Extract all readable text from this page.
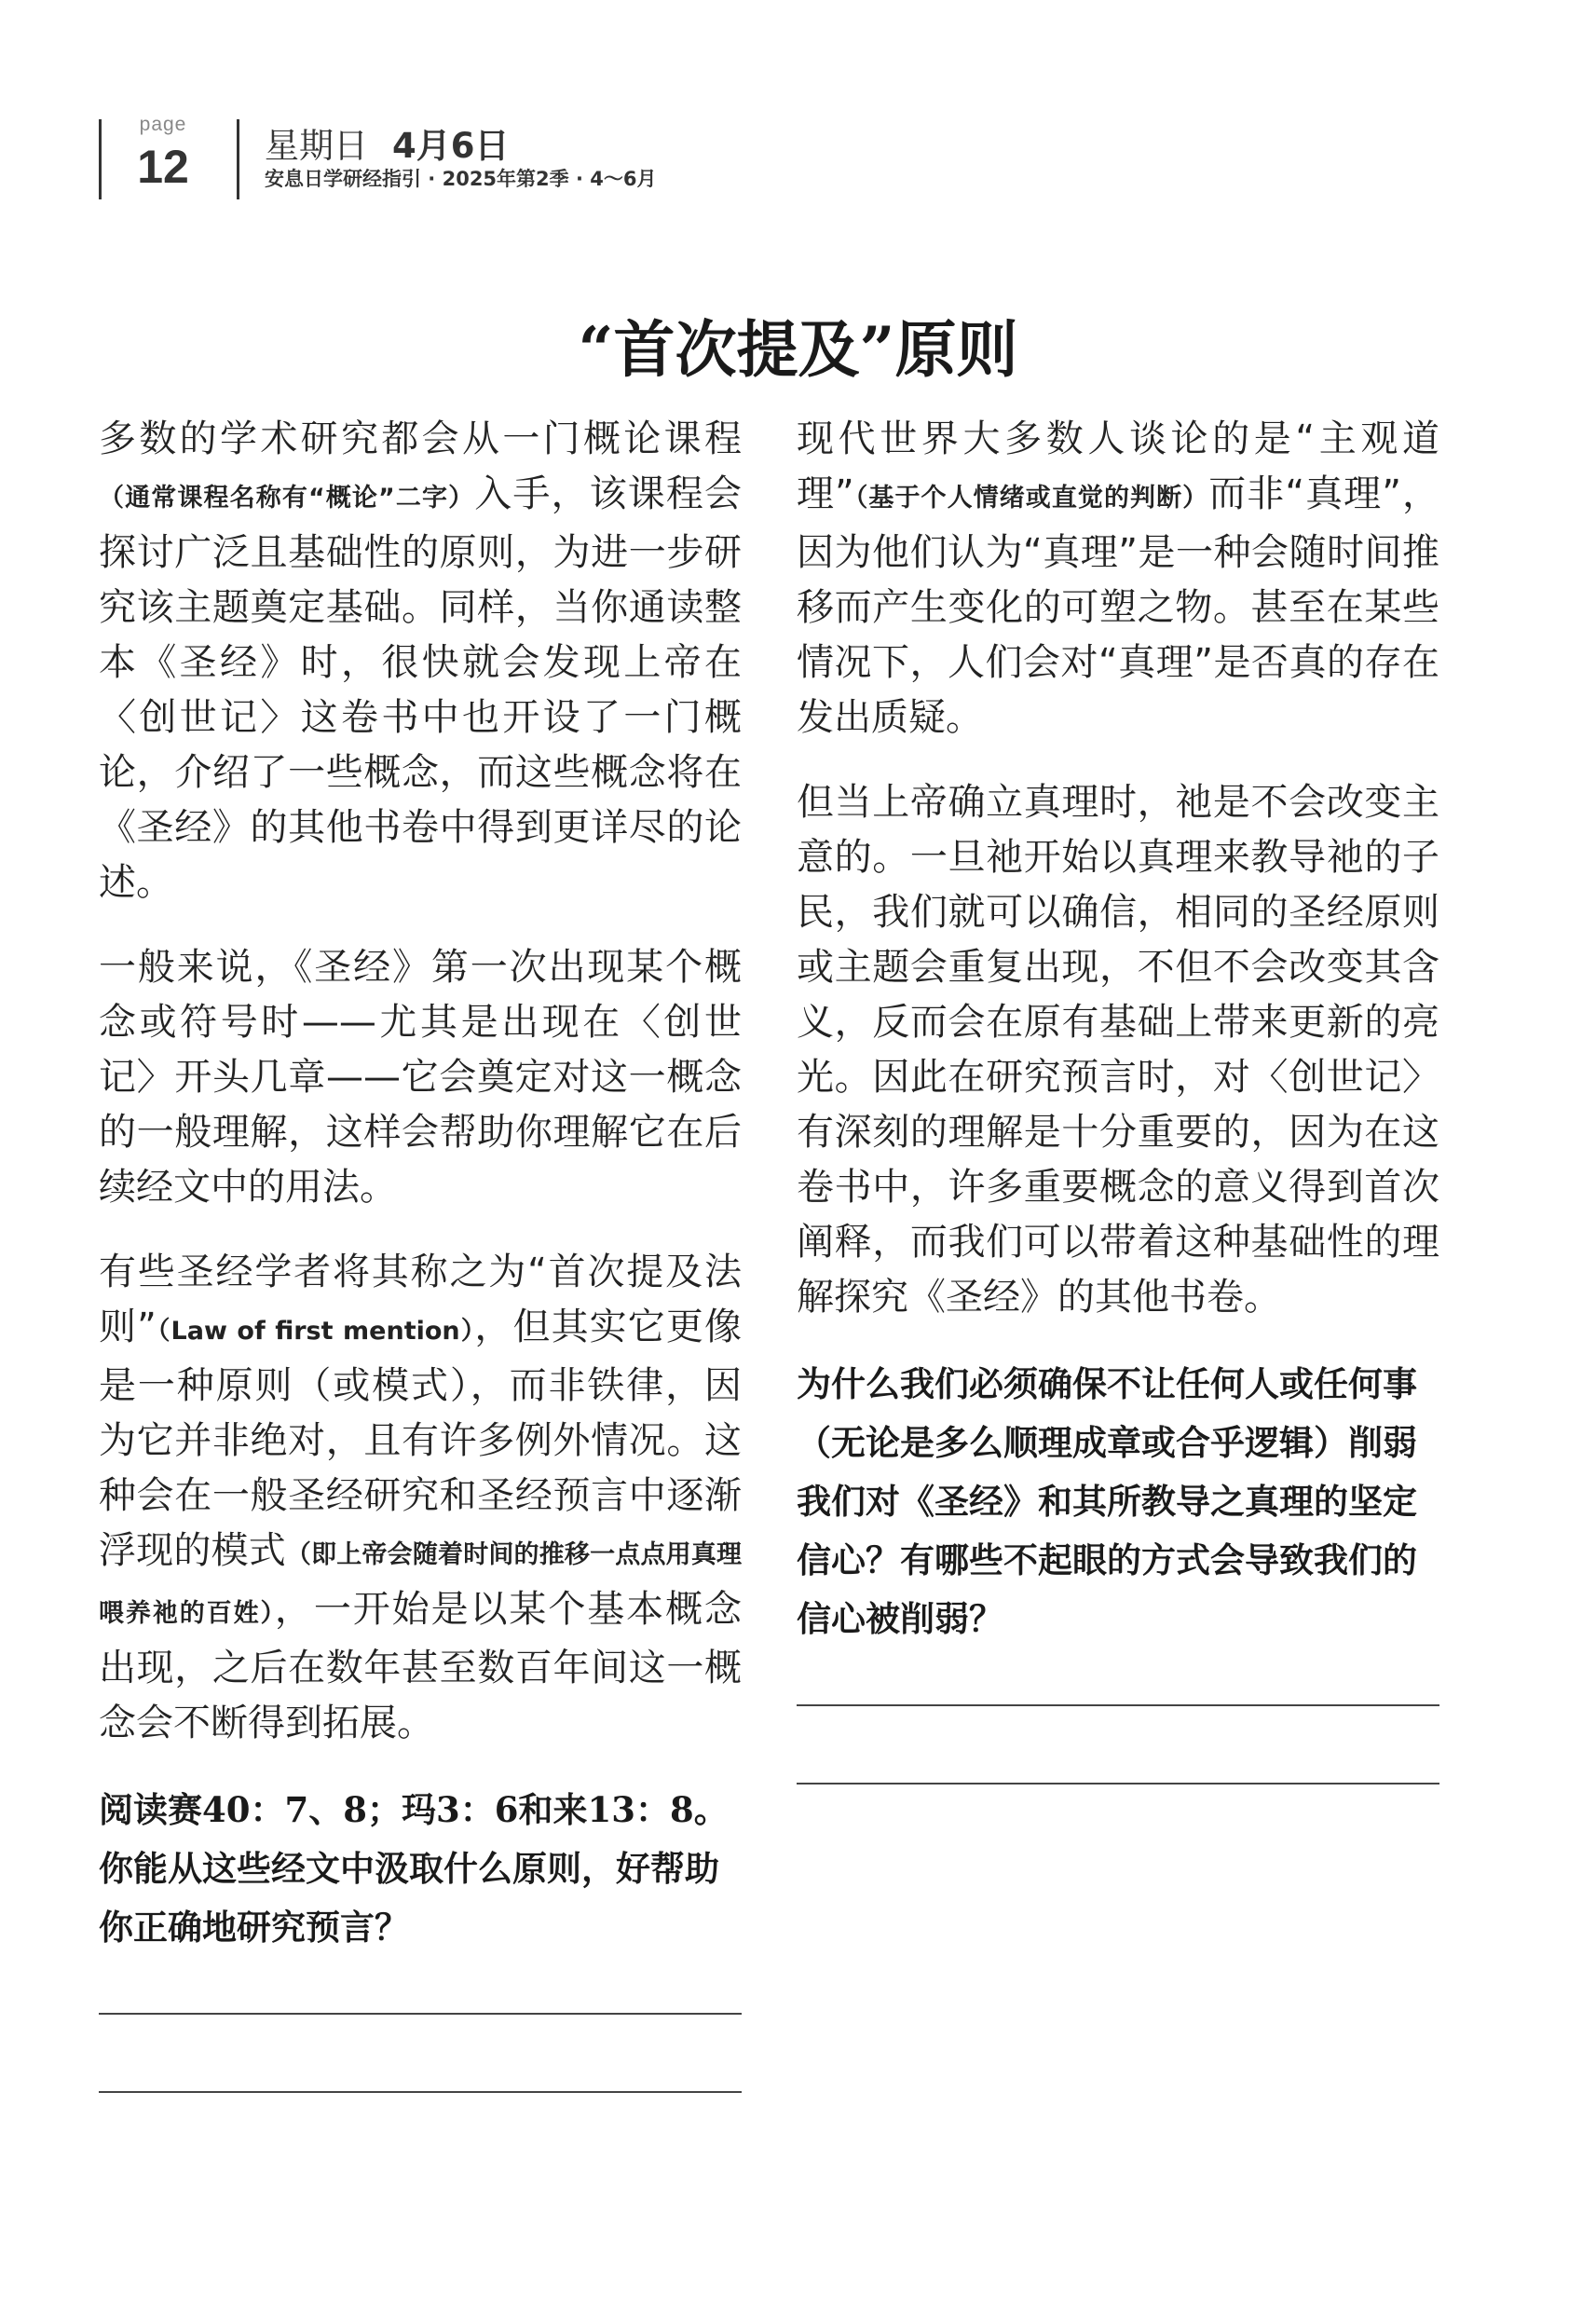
page
12	星期日 4月6日
安息日学研经指引 · 2025年第2季 · 4～6月
“首次提及”原则

多数的学术研究都会从一门概论课程（通常课程名称有“概论”二字）入手，该课程会探讨广泛且基础性的原则，为进一步研究该主题奠定基础。同样，当你通读整本《圣经》时，很快就会发现上帝在〈创世记〉这卷书中也开设了一门概论，介绍了一些概念，而这些概念将在《圣经》的其他书卷中得到更详尽的论述。

一般来说，《圣经》第一次出现某个概念或符号时——尤其是出现在〈创世记〉开头几章——它会奠定对这一概念的一般理解，这样会帮助你理解它在后续经文中的用法。

有些圣经学者将其称之为“首次提及法则”（Law of first mention），但其实它更像是一种原则（或模式），而非铁律，因为它并非绝对，且有许多例外情况。这种会在一般圣经研究和圣经预言中逐渐浮现的模式（即上帝会随着时间的推移一点点用真理喂养祂的百姓），一开始是以某个基本概念出现，之后在数年甚至数百年间这一概念会不断得到拓展。

阅读赛40：7、8；玛3：6和来13：8。你能从这些经文中汲取什么原则，好帮助你正确地研究预言？

现代世界大多数人谈论的是“主观道理”（基于个人情绪或直觉的判断）而非“真理”，因为他们认为“真理”是一种会随时间推移而产生变化的可塑之物。甚至在某些情况下，人们会对“真理”是否真的存在发出质疑。

但当上帝确立真理时，祂是不会改变主意的。一旦祂开始以真理来教导祂的子民，我们就可以确信，相同的圣经原则或主题会重复出现，不但不会改变其含义，反而会在原有基础上带来更新的亮光。因此在研究预言时，对〈创世记〉有深刻的理解是十分重要的，因为在这卷书中，许多重要概念的意义得到首次阐释，而我们可以带着这种基础性的理解探究《圣经》的其他书卷。

为什么我们必须确保不让任何人或任何事（无论是多么顺理成章或合乎逻辑）削弱我们对《圣经》和其所教导之真理的坚定信心？有哪些不起眼的方式会导致我们的信心被削弱？
